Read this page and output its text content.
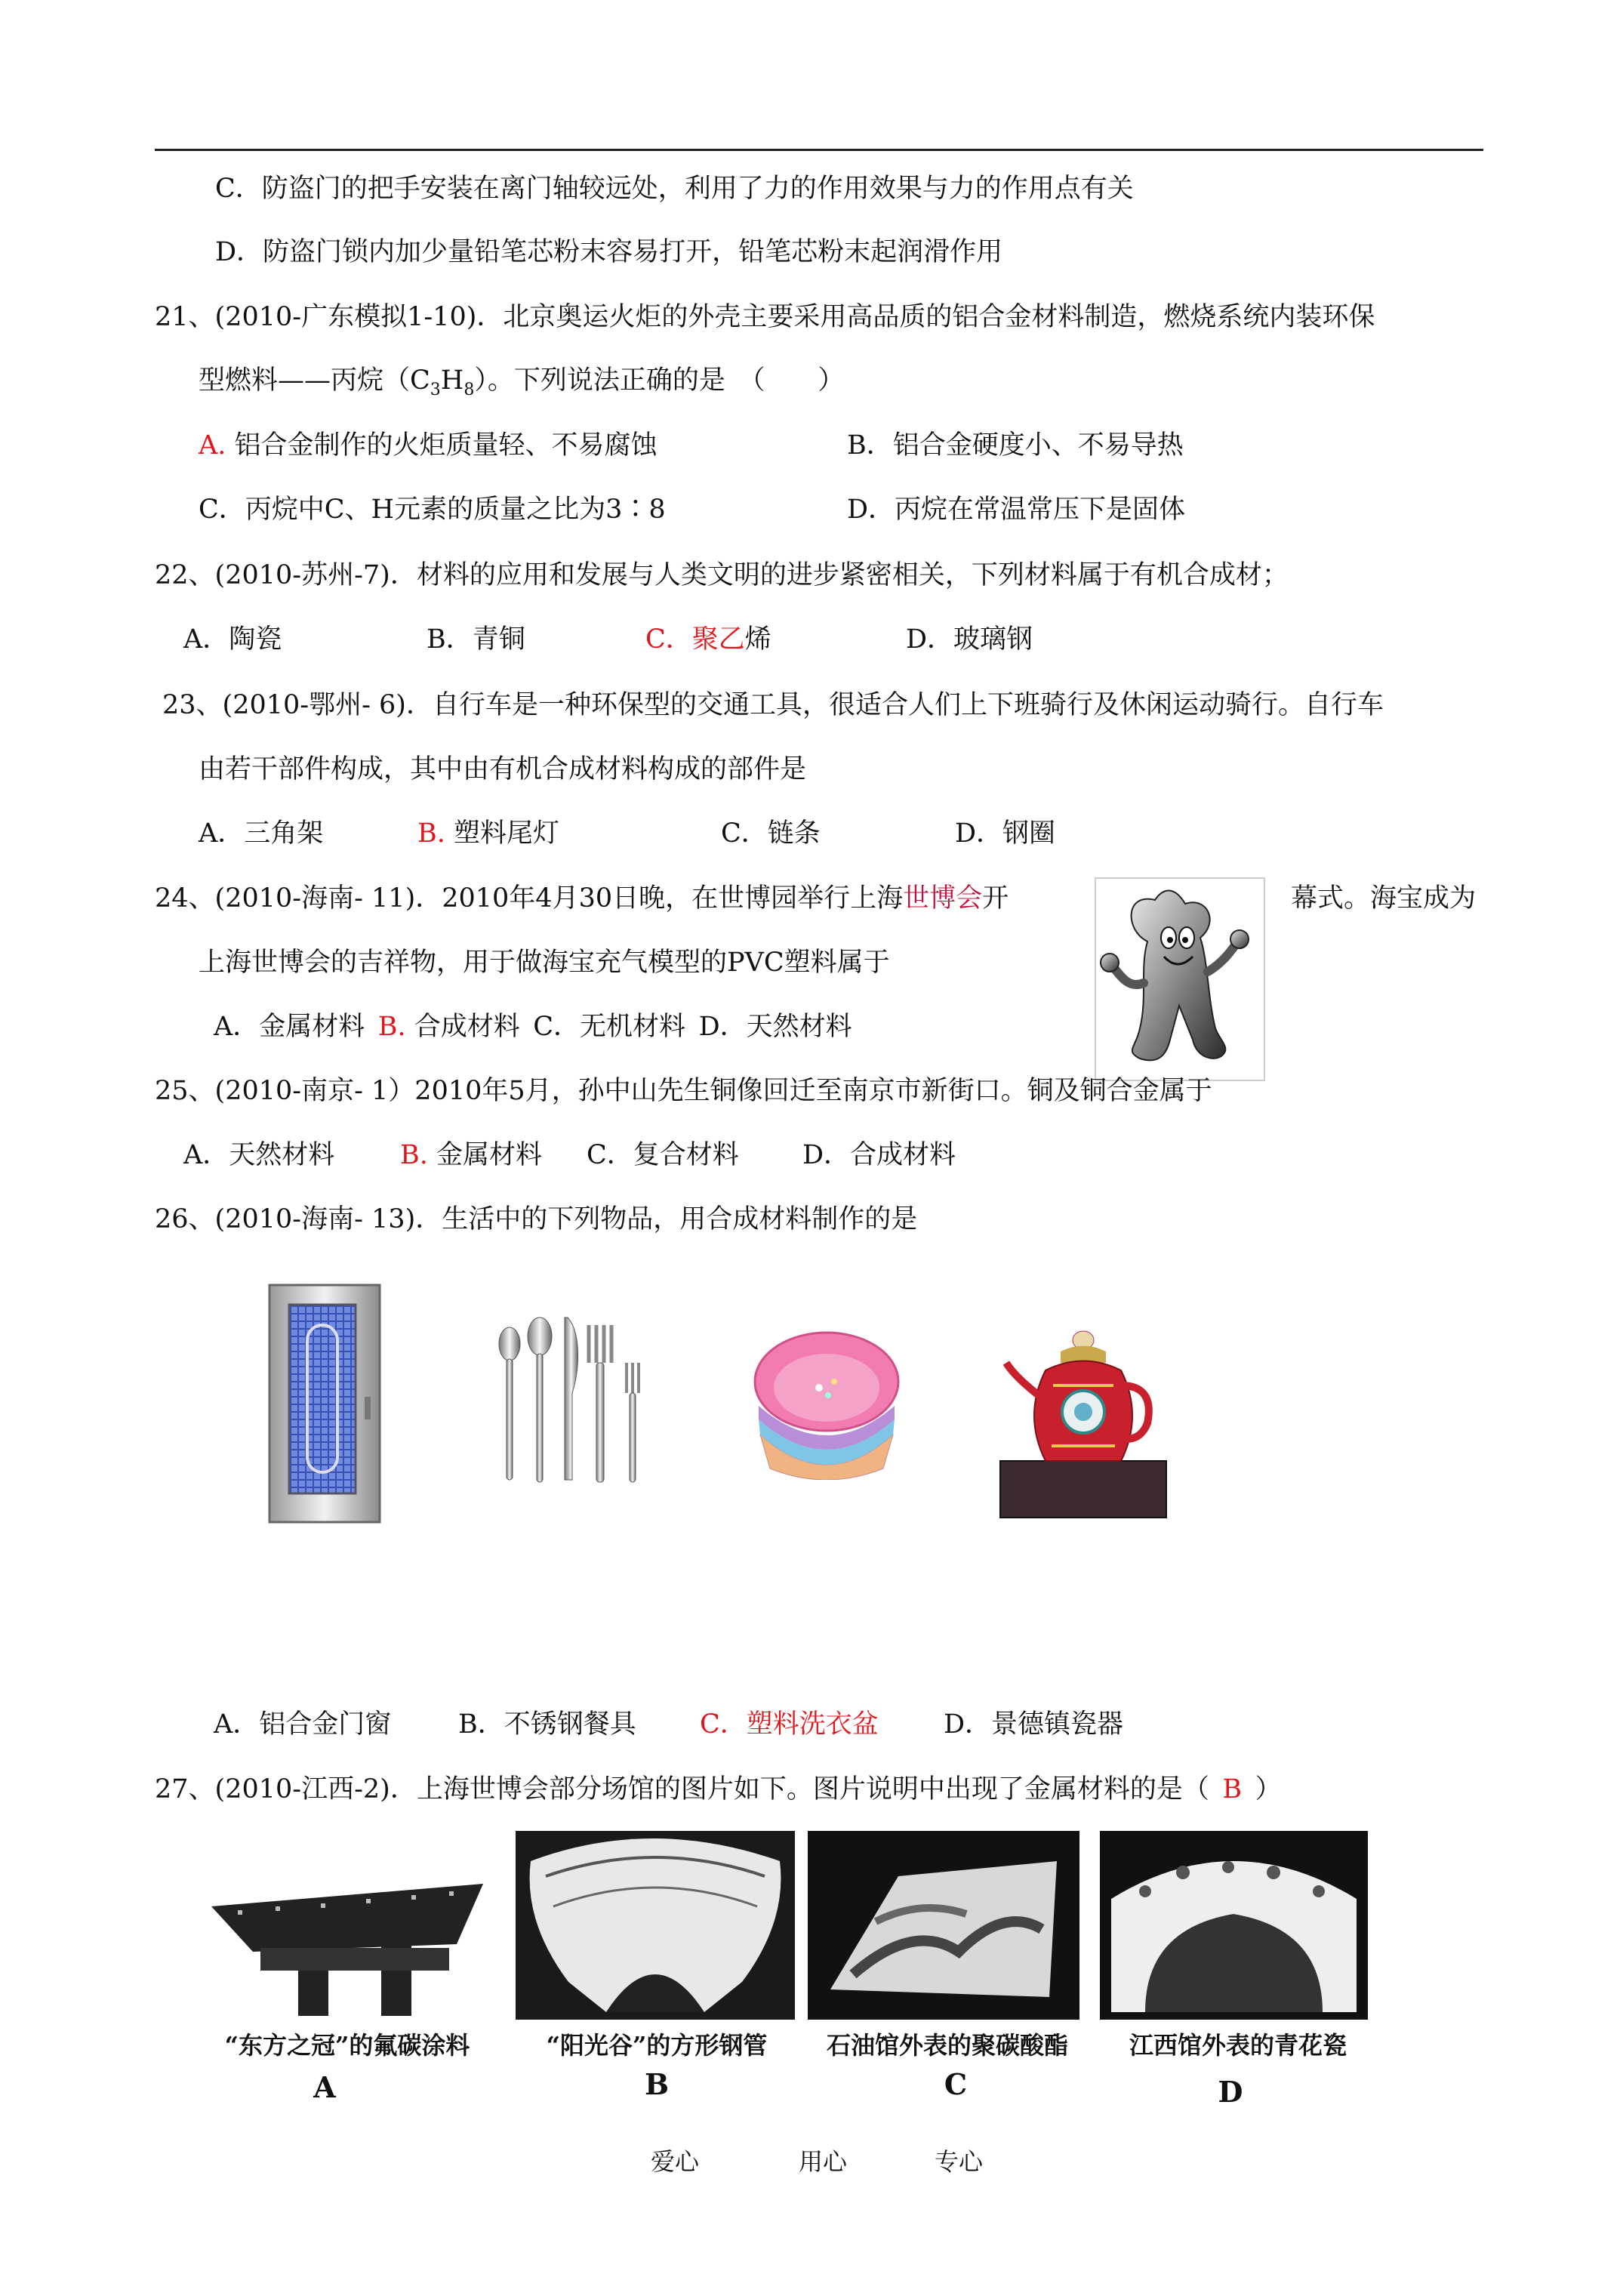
C．防盗门的把手安装在离门轴较远处，利用了力的作用效果与力的作用点有关
D．防盗门锁内加少量铅笔芯粉末容易打开，铅笔芯粉末起润滑作用
21、(2010-广东模拟1-10)．北京奥运火炬的外壳主要采用高品质的铝合金材料制造，燃烧系统内装环保
型燃料——丙烷$(C_3H_8)$。下列说法正确的是　（　　）
A. 铝合金制作的火炬质量轻、不易腐蚀	B．铝合金硬度小、不易导热
C．丙烷中C、H元素的质量之比为3∶8	D．丙烷在常温常压下是固体
22、(2010-苏州-7)．材料的应用和发展与人类文明的进步紧密相关，下列材料属于有机合成材；
A．陶瓷	B．青铜	C．聚乙烯	D．玻璃钢
23、(2010-鄂州- 6)．自行车是一种环保型的交通工具，很适合人们上下班骑行及休闲运动骑行。自行车
由若干部件构成，其中由有机合成材料构成的部件是
A．三角架	B. 塑料尾灯	C．链条	D．钢圈
24、(2010-海南- 11)．2010年4月30日晚，在世博园举行上海世博会开	幕式。海宝成为
上海世博会的吉祥物，用于做海宝充气模型的PVC塑料属于
A．金属材料  B. 合成材料  C．无机材料  D．天然材料
25、(2010-南京- 1）2010年5月，孙中山先生铜像回迁至南京市新街口。铜及铜合金属于
A．天然材料 B. 金属材料 C．复合材料 D．合成材料
26、(2010-海南- 13)．生活中的下列物品，用合成材料制作的是
A．铝合金门窗	B．不锈钢餐具 C．塑料洗衣盆 D．景德镇瓷器
27、(2010-江西-2)．上海世博会部分场馆的图片如下。图片说明中出现了金属材料的是（  B  ）
“东方之冠”的氟碳涂料	“阳光谷”的方形钢管	石油馆外表的聚碳酸酯	江西馆外表的青花瓷
A	B	C	D
爱心	用心	专心
